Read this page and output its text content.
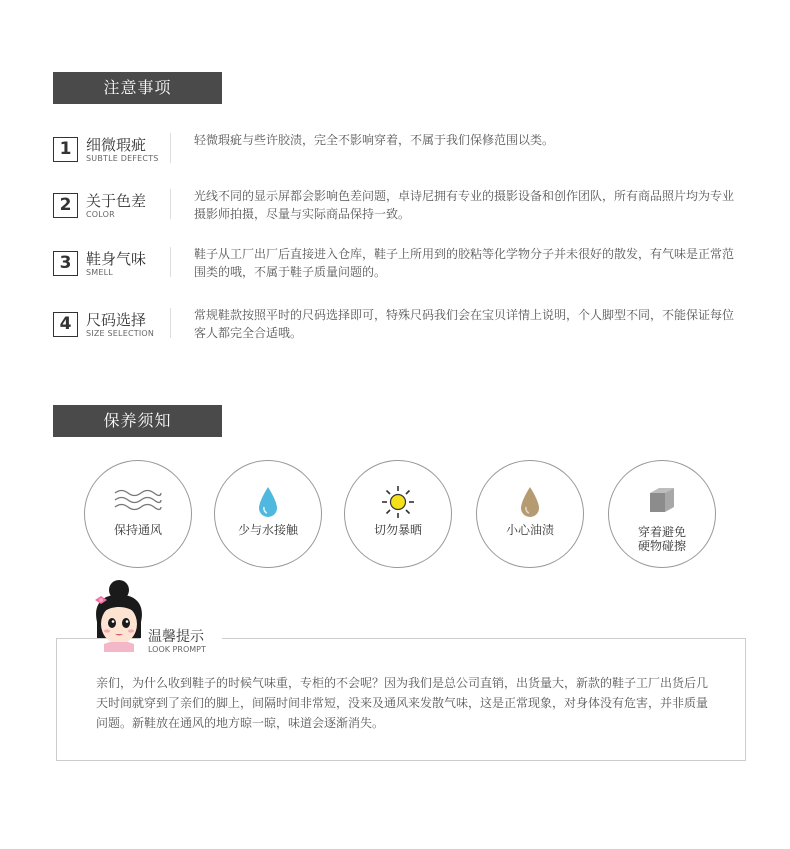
注意事项
1 细微瑕疵
SUBTLE DEFECTS
轻微瑕疵与些许胶渍，完全不影响穿着，不属于我们保修范围以类。
2 关于色差
COLOR
光线不同的显示屏都会影响色差问题，卓诗尼拥有专业的摄影设备和创作团队，所有商品照片均为专业摄影师拍摄，尽量与实际商品保持一致。
3 鞋身气味
SMELL
鞋子从工厂出厂后直接进入仓库，鞋子上所用到的胶粘等化学物分子并未很好的散发，有气味是正常范围类的哦，不属于鞋子质量问题的。
4 尺码选择
SIZE SELECTION
常规鞋款按照平时的尺码选择即可，特殊尺码我们会在宝贝详情上说明，个人脚型不同，不能保证每位客人都完全合适哦。
保养须知
保持通风	少与水接触	切勿暴晒	小心油渍	穿着避免
硬物碰擦
温馨提示
LOOK PROMPT
亲们，为什么收到鞋子的时候气味重，专柜的不会呢？因为我们是总公司直销，出货量大，新款的鞋子工厂出货后几天时间就穿到了亲们的脚上，间隔时间非常短，没来及通风来发散气味，这是正常现象，对身体没有危害，并非质量问题。新鞋放在通风的地方晾一晾，味道会逐渐消失。
